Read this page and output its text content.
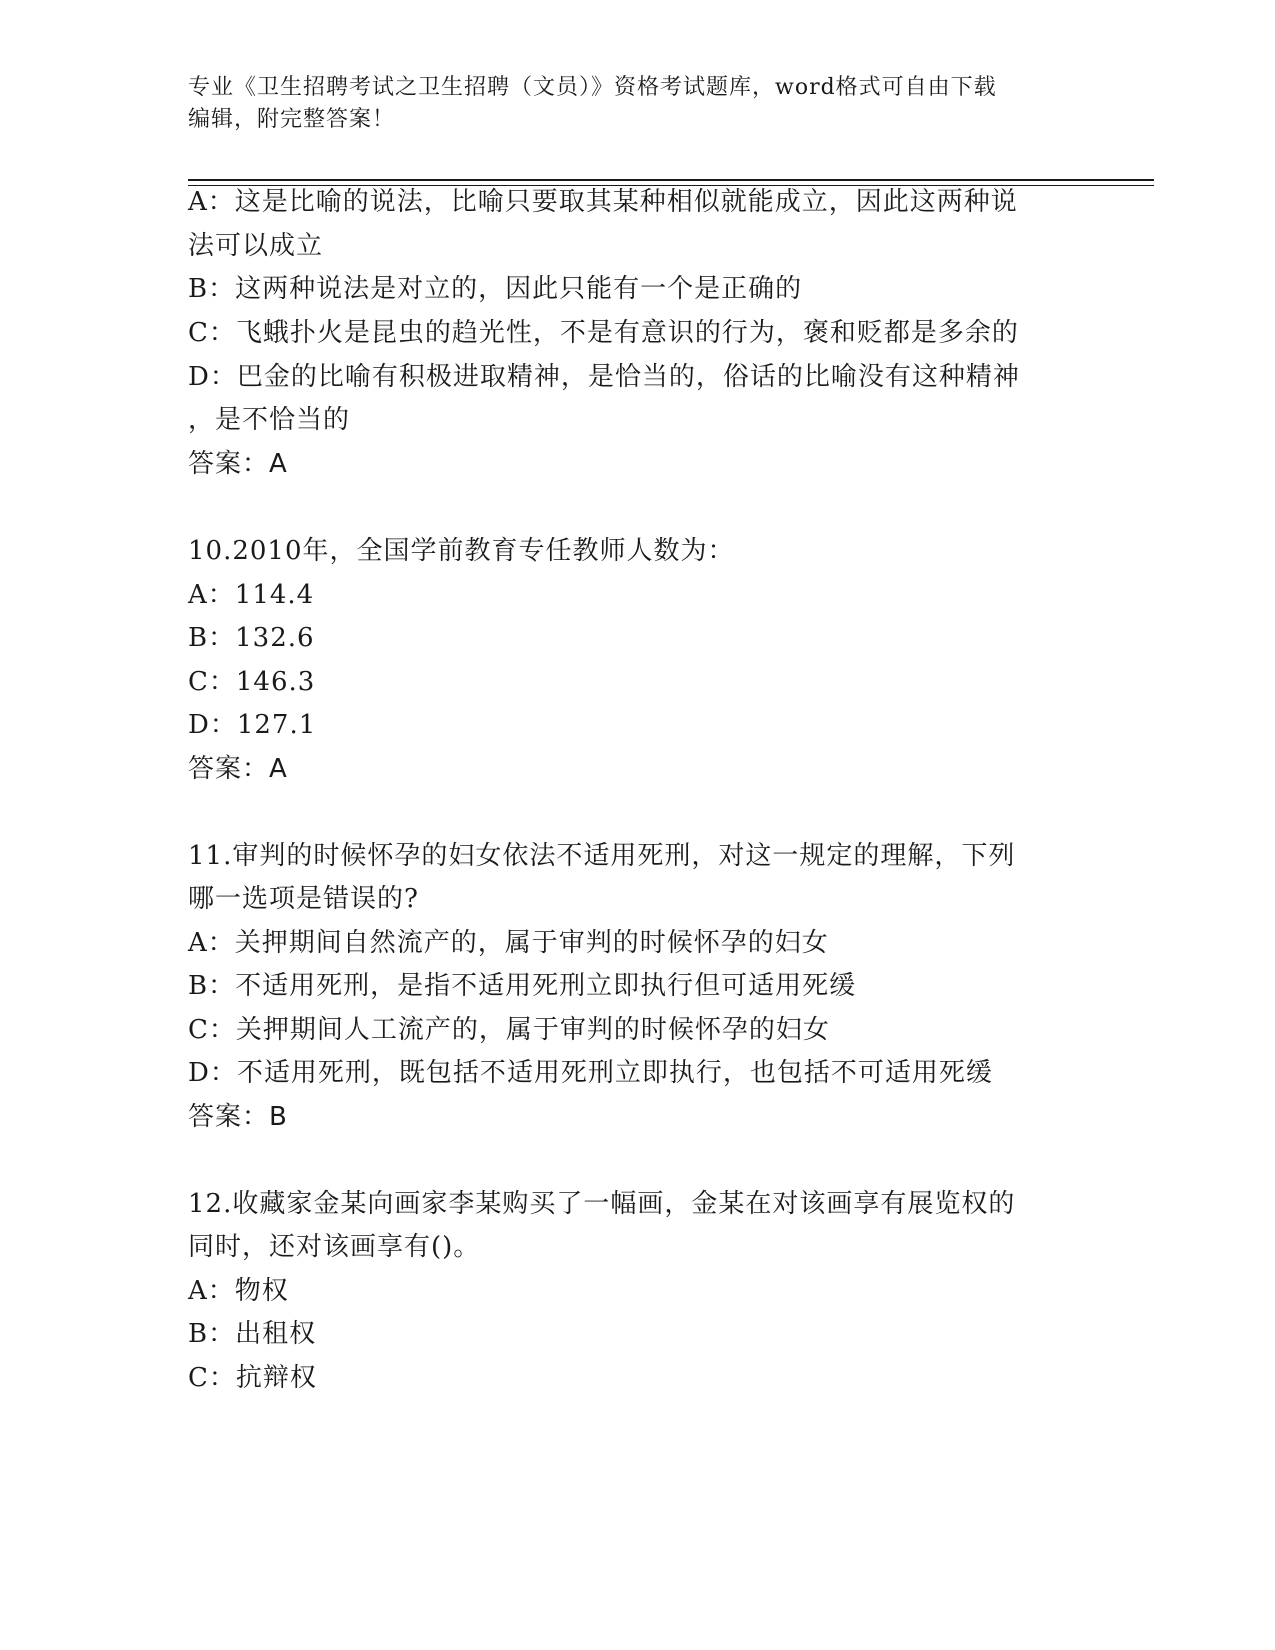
专业《卫生招聘考试之卫生招聘（文员）》资格考试题库，word格式可自由下载
编辑，附完整答案！
A：这是比喻的说法，比喻只要取其某种相似就能成立，因此这两种说
法可以成立
B：这两种说法是对立的，因此只能有一个是正确的
C：飞蛾扑火是昆虫的趋光性，不是有意识的行为，褒和贬都是多余的
D：巴金的比喻有积极进取精神，是恰当的，俗话的比喻没有这种精神
，是不恰当的
答案：A
10.2010年，全国学前教育专任教师人数为：
A：114.4
B：132.6
C：146.3
D：127.1
答案：A
11.审判的时候怀孕的妇女依法不适用死刑，对这一规定的理解，下列
哪一选项是错误的?
A：关押期间自然流产的，属于审判的时候怀孕的妇女
B：不适用死刑，是指不适用死刑立即执行但可适用死缓
C：关押期间人工流产的，属于审判的时候怀孕的妇女
D：不适用死刑，既包括不适用死刑立即执行，也包括不可适用死缓
答案：B
12.收藏家金某向画家李某购买了一幅画，金某在对该画享有展览权的
同时，还对该画享有()。
A：物权
B：出租权
C：抗辩权
